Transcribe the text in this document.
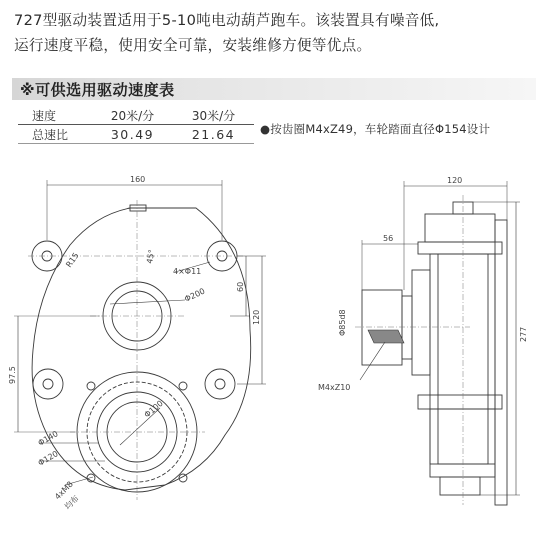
727型驱动装置适用于5-10吨电动葫芦跑车。该装置具有噪音低,
运行速度平稳，使用安全可靠，安装维修方便等优点。
※可供选用驱动速度表
速度	20米/分	30米/分
总速比	30.49	21.64 ●按齿圈M4xZ49，车轮踏面直径Φ154设计
160
R15
4×Φ11
Φ200	60
120
97.5
Φ100
Φ140
Φ120
4xM8
均布
45°
120
56
Φ85d8
M4xZ10
277
